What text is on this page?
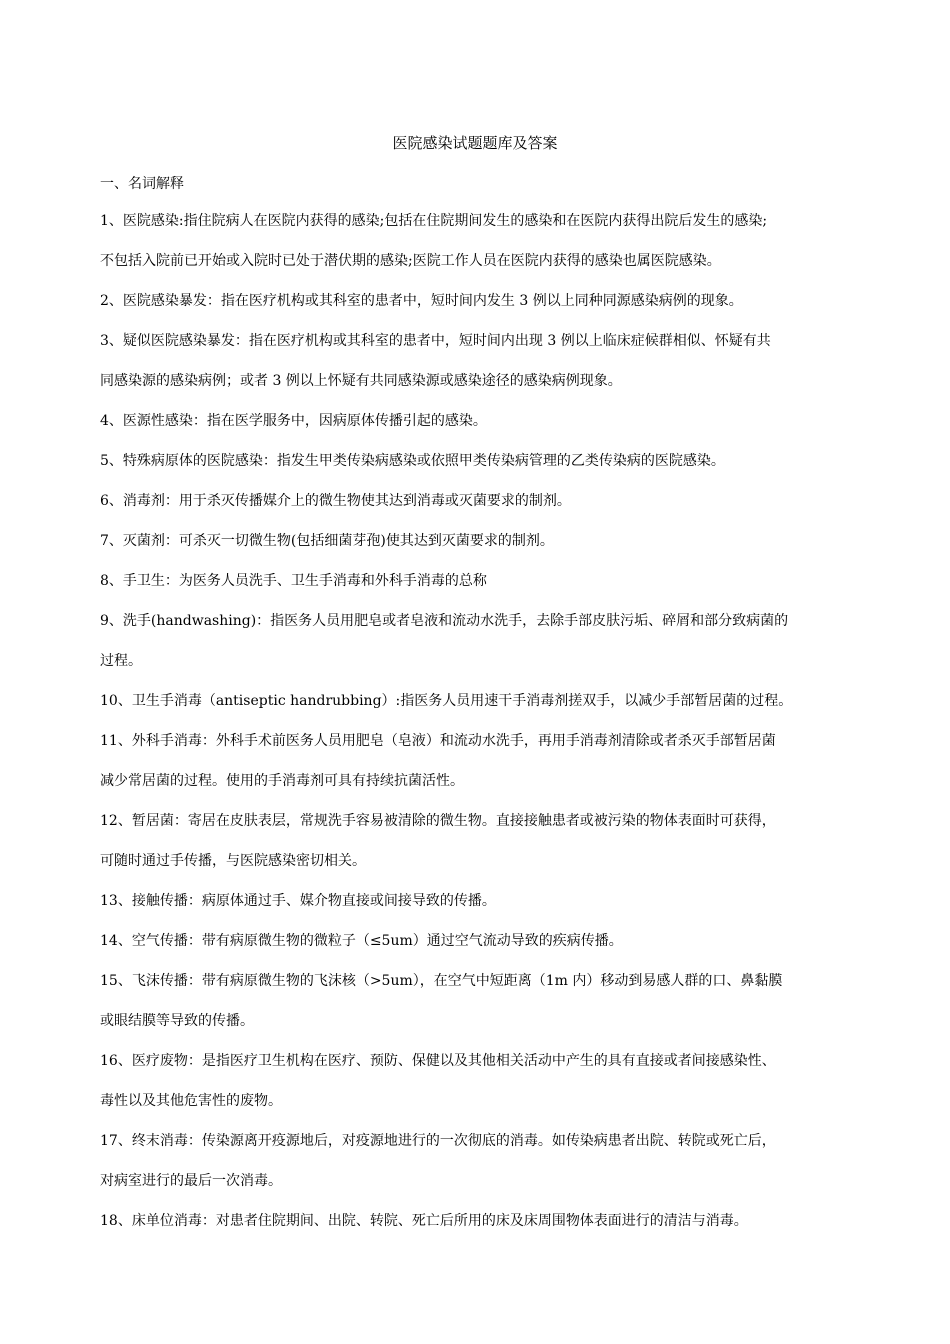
医院感染试题题库及答案
一、名词解释
1、医院感染:指住院病人在医院内获得的感染;包括在住院期间发生的感染和在医院内获得出院后发生的感染;
不包括入院前已开始或入院时已处于潜伏期的感染;医院工作人员在医院内获得的感染也属医院感染。
2、医院感染暴发：指在医疗机构或其科室的患者中，短时间内发生 3 例以上同种同源感染病例的现象。
3、疑似医院感染暴发：指在医疗机构或其科室的患者中，短时间内出现 3 例以上临床症候群相似、怀疑有共
同感染源的感染病例；或者 3 例以上怀疑有共同感染源或感染途径的感染病例现象。
4、医源性感染：指在医学服务中，因病原体传播引起的感染。
5、特殊病原体的医院感染：指发生甲类传染病感染或依照甲类传染病管理的乙类传染病的医院感染。
6、消毒剂：用于杀灭传播媒介上的微生物使其达到消毒或灭菌要求的制剂。
7、灭菌剂：可杀灭一切微生物(包括细菌芽孢)使其达到灭菌要求的制剂。
8、手卫生：为医务人员洗手、卫生手消毒和外科手消毒的总称
9、洗手(handwashing)：指医务人员用肥皂或者皂液和流动水洗手，去除手部皮肤污垢、碎屑和部分致病菌的
过程。
10、卫生手消毒（antiseptic handrubbing）:指医务人员用速干手消毒剂搓双手，以减少手部暂居菌的过程。
11、外科手消毒：外科手术前医务人员用肥皂（皂液）和流动水洗手，再用手消毒剂清除或者杀灭手部暂居菌
减少常居菌的过程。使用的手消毒剂可具有持续抗菌活性。
12、暂居菌：寄居在皮肤表层，常规洗手容易被清除的微生物。直接接触患者或被污染的物体表面时可获得，
可随时通过手传播，与医院感染密切相关。
13、接触传播：病原体通过手、媒介物直接或间接导致的传播。
14、空气传播：带有病原微生物的微粒子（≤5um）通过空气流动导致的疾病传播。
15、飞沫传播：带有病原微生物的飞沫核（>5um），在空气中短距离（1m 内）移动到易感人群的口、鼻黏膜
或眼结膜等导致的传播。
16、医疗废物：是指医疗卫生机构在医疗、预防、保健以及其他相关活动中产生的具有直接或者间接感染性、
毒性以及其他危害性的废物。
17、终末消毒：传染源离开疫源地后，对疫源地进行的一次彻底的消毒。如传染病患者出院、转院或死亡后，
对病室进行的最后一次消毒。
18、床单位消毒：对患者住院期间、出院、转院、死亡后所用的床及床周围物体表面进行的清洁与消毒。
